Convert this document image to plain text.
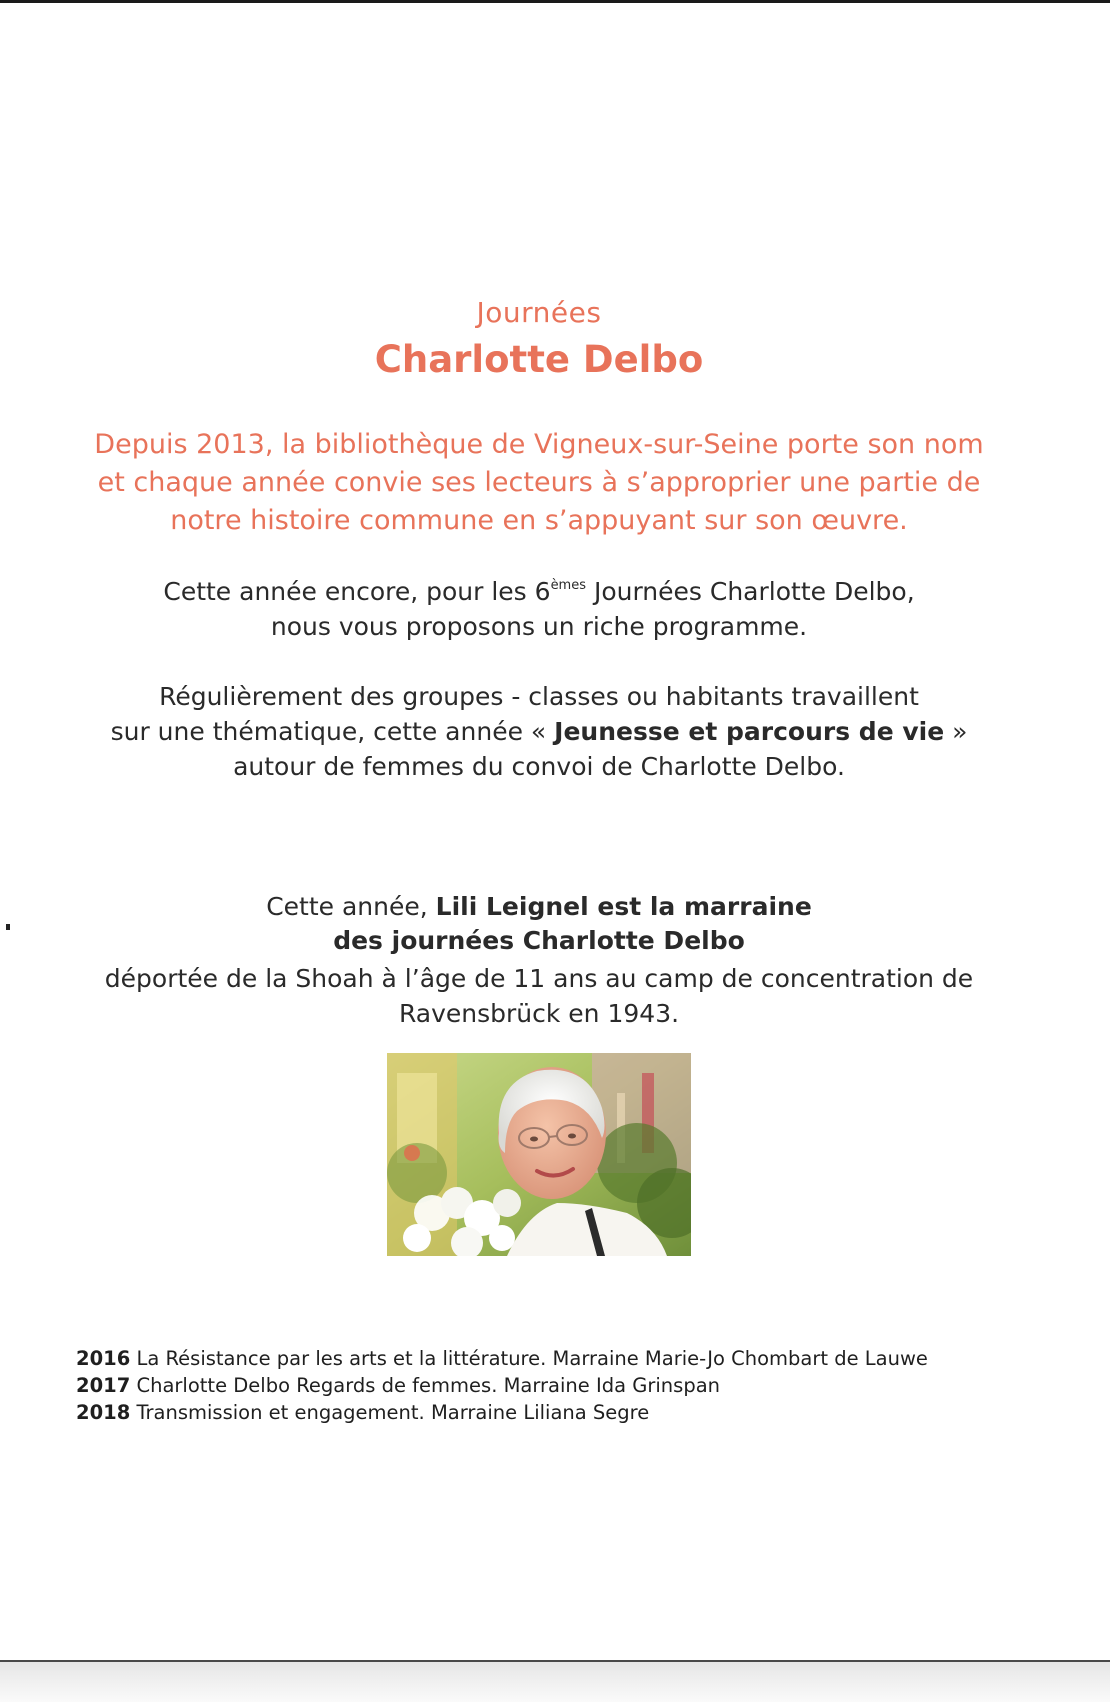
Journées
Charlotte Delbo
Depuis 2013, la bibliothèque de Vigneux-sur-Seine porte son nom
et chaque année convie ses lecteurs à s’approprier une partie de
notre histoire commune en s’appuyant sur son œuvre.
Cette année encore, pour les 6èmes Journées Charlotte Delbo,
nous vous proposons un riche programme.
Régulièrement des groupes - classes ou habitants travaillent
sur une thématique, cette année « Jeunesse et parcours de vie »
autour de femmes du convoi de Charlotte Delbo.
Cette année, Lili Leignel est la marraine
des journées Charlotte Delbo
déportée de la Shoah à l’âge de 11 ans au camp de concentration de
Ravensbrück en 1943.
2016 La Résistance par les arts et la littérature. Marraine Marie-Jo Chombart de Lauwe
2017 Charlotte Delbo Regards de femmes. Marraine Ida Grinspan
2018 Transmission et engagement. Marraine Liliana Segre
